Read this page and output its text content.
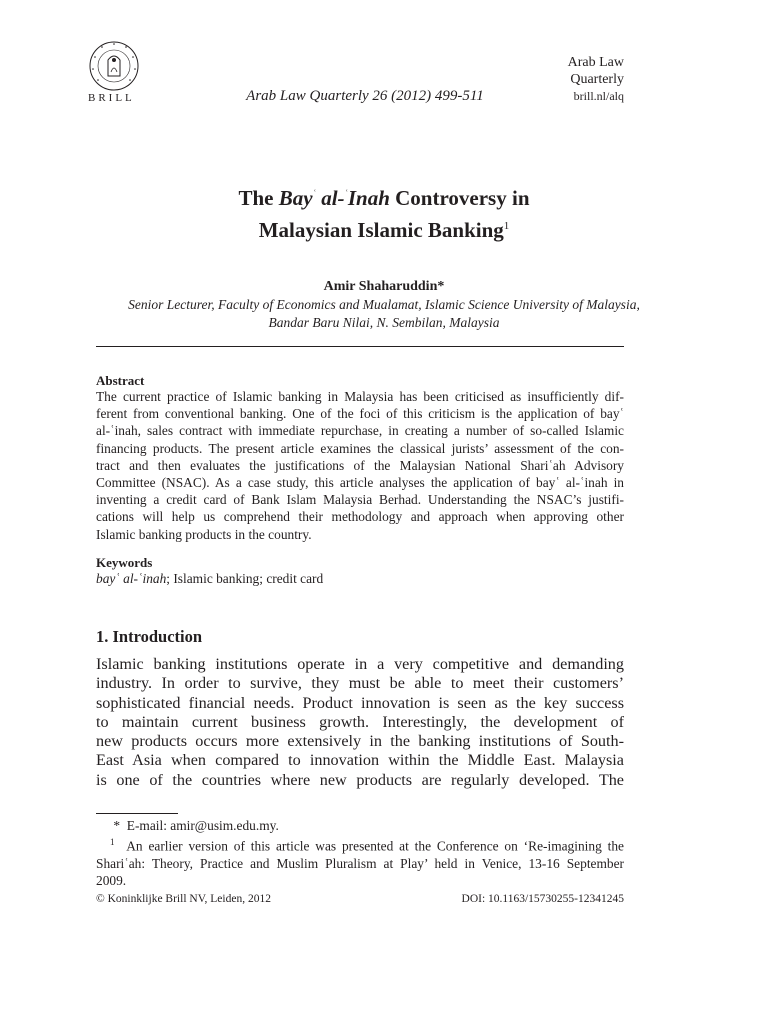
BRILL	Arab Law Quarterly 26 (2012) 499-511
Arab Law
Quarterly
brill.nl/alq
The Bay$^ʿ$ al-$^ʿ$Inah Controversy in
Malaysian Islamic Banking$^1$
Amir Shaharuddin*
Senior Lecturer, Faculty of Economics and Mualamat, Islamic Science University of Malaysia,
Bandar Baru Nilai, N. Sembilan, Malaysia
Abstract
The current practice of Islamic banking in Malaysia has been criticised as insufficiently dif-
ferent from conventional banking. One of the foci of this criticism is the application of bayʿ
al-ʿinah, sales contract with immediate repurchase, in creating a number of so-called Islamic
financing products. The present article examines the classical jurists’ assessment of the con-
tract and then evaluates the justifications of the Malaysian National Shariʿah Advisory
Committee (NSAC). As a case study, this article analyses the application of bayʿ al-ʿinah in
inventing a credit card of Bank Islam Malaysia Berhad. Understanding the NSAC’s justifi-
cations will help us comprehend their methodology and approach when approving other
Islamic banking products in the country.
Keywords
bayʿ al-ʿinah; Islamic banking; credit card
1. Introduction
Islamic banking institutions operate in a very competitive and demanding
industry. In order to survive, they must be able to meet their customers’
sophisticated financial needs. Product innovation is seen as the key success
to maintain current business growth. Interestingly, the development of
new products occurs more extensively in the banking institutions of South-
East Asia when compared to innovation within the Middle East. Malaysia
is one of the countries where new products are regularly developed. The
* E-mail: amir@usim.edu.my.
$^1$ An earlier version of this article was presented at the Conference on ‘Re-imagining the
Shariʿah: Theory, Practice and Muslim Pluralism at Play’ held in Venice, 13-16 September
2009.
© Koninklijke Brill NV, Leiden, 2012	DOI: 10.1163/15730255-12341245
